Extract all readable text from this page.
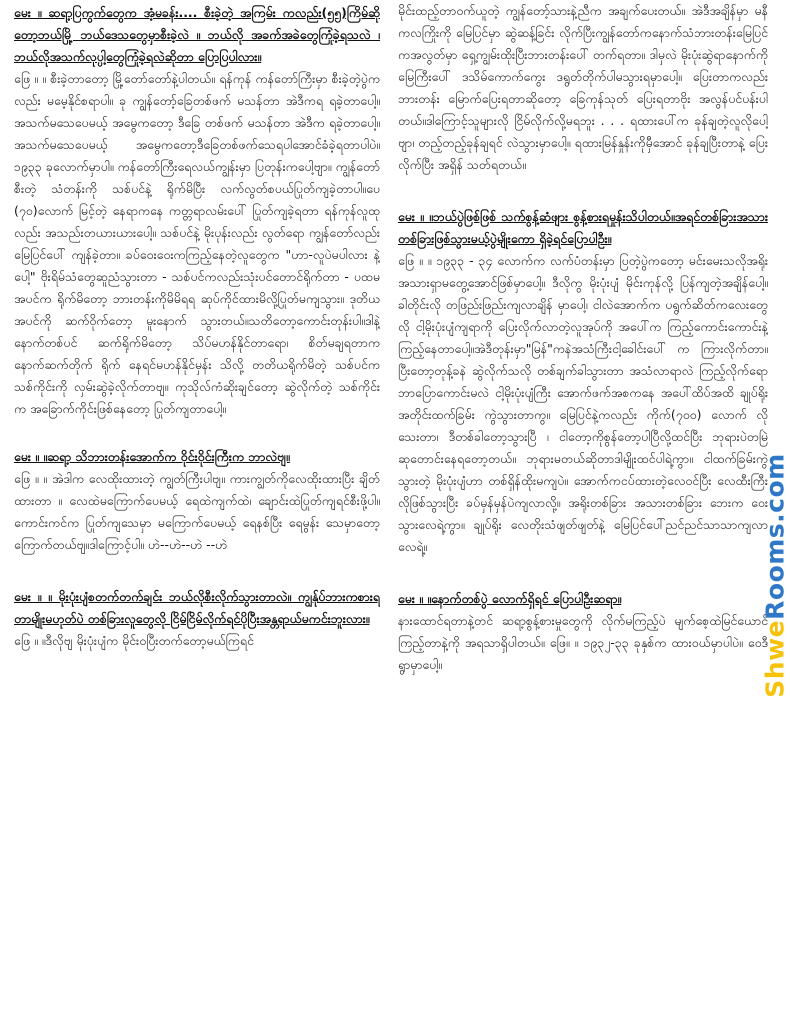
မေး ။ ဆရာ့ပြကွက်တွေက အံ့မခန်း.... စီးခဲ့တဲ့ အကြမ်း ကလည်း(၅၅)ကြိမ်ဆိုတော့ဘယ်မြို့ ဘယ်ဒေသတွေမှာစီးခဲ့လဲ ။ ဘယ်လို အခက်အခဲတွေကြုံခဲ့ရသလဲ ၊ ဘယ်လိုအသက်လုပ္ပါ့တွေကြုံခဲ့ရလဲဆိုတာ ပြောပြပါလား။

ဖြေ ။ ။ စီးခဲ့တာတော့ မြို့တော်တော်နဲ့ပါတယ်။ ရန်ကုန် ကန်တော်ကြီးမှာ စီးခဲ့တဲ့ပွဲကလည်း မမေ့နိုင်စရာပါ။ ခု ကျွန်တော့်ခြေတစ်ဖက် မသန်တာ အဲဒီကရ ရခဲ့တာပေါ့။ အသက်မသေပေမယ့် အမွေကတော့ ဒီခြေ တစ်ဖက် မသန်တာ အဲဒီက ရခဲ့တာပေါ့။ အသက်မသေပေမယ့် အမွေကတော့ဒီခြေတစ်ဖက်သေရပါအောင်ခံခဲ့ရတာပါပဲ။၁၉၃၃ ခုလောက်မှာပါ။ ကန်တော်ကြီးရေလယ်ကျွန်းမှာ ပြတုန်းကပေါ့ဗျာ။ ကျွန်တော် စီးတဲ့ သံတန်းကို သစ်ပင်နဲ့ ရိုက်မိပြီး လက်လွတ်စပယ်ပြုတ်ကျခဲ့တာပါ။ပေ (၇၀)လောက် မြင့်တဲ့ နေရာကနေ ကတ္တရာလမ်းပေါ် ပြုတ်ကျခဲ့ရတာ ရန်ကုန်လူထုလည်း အသည်းတယားယားပေါ့။ သစ်ပင်နဲ့ မိုးပုန်းလည်း လွတ်ရော ကျွန်တော်လည်း မြေပြင်ပေါ် ကျန်ခဲ့တာ။ ခပ်ဝေးဝေးကကြည့်နေတဲ့လူတွေက "ဟာ-လူပဲမပါလား နဲ့ပေါ့" ဗိုးရိမ်သံတွေဆူညံသွားတာ - သစ်ပင်ကလည်းသုံးပင်တောင်ရိုက်တာ - ပထမအပင်က ရိုက်မိတော့ ဘားတန်းကိုမိမိရရ ဆုပ်ကိုင်ထားမိလို့ပြုတ်မကျသွား။ ဒုတိယ အပင်ကို ဆက်ဝိုက်တော့ မူးနောက် သွားတယ်။သတိတော့ကောင်းတုန်းပါ။ဒါနဲ့နောက်တစ်ပင် ဆက်ရိုက်မိတော့ သိပ်မဟန်နိုင်တာရော၊ စိတ်မချရတာက နောက်ဆက်တိုက် ရိုက် နေရင်မဟန်နိုင်မှန်း သိလို့ တတိယရိုက်မိတဲ့ သစ်ပင်က သစ်ကိုင်းကို လှမ်းဆွဲခဲ့လိုက်တာဗျ။ ကုသိုလ်ကံဆိုးချင်တော့ ဆွဲလိုက်တဲ့ သစ်ကိုင်းက အခြောက်ကိုင်းဖြစ်နေတော့ ပြုတ်ကျတာပေါ့။

မေး ။ ။ဆရာ့ သိဘားတန်းအောက်က ဝိုင်းဝိုင်းကြီးက ဘာလဲဗျ။

ဖြေ ။ ။ အဲဒါက လေထိုးထားတဲ့ ကျွတ်ကြီးပါဗျ။ ကားကျွတ်ကိုလေထိုးထားပြီး ချိတ်ထားတာ ။ လေထဲမကြောက်ပေမယ့် ရေထဲကျက်ထဲ၊ ချောင်းထဲပြုတ်ကျရင်စီးဖို့ပါ။ ကောင်းကင်က ပြုတ်ကျသေမှာ မကြောက်ပေမယ့် ရေနစ်ပြီး ရေမွန်း သေမှာတော့ ကြောက်တယ်ဗျ။ဒါကြောင့်ပါ။ ဟဲ--ဟဲ--ဟဲ --ဟဲ

မေး ။ ။ မိုးပုံးပျံစတက်တက်ချင်း ဘယ်လိုစီးလိုက်သွားတာလဲ။ ကျွန်ုပ်ဘားကစားရတာမျိုးမဟုတ်ပဲ တစ်ခြားလူတွေလို ငြိမ်ငြိမ်လိုက်ရင်ပိုပြီးအန္တရာယ်မကင်းဘူးလား။

ဖြေ ။ ။ဒီလိုဗျ မိုးပုံးပျံက မိုင်းဝပြီးတက်တော့မယ်ကြရင်

မိုင်းထည့်တာ၀က်ယူတဲ့ ကျွန်တော့်သားနဲ့ညီက အချက်ပေးတယ်။ အဲဒီအချိန်မှာ မနီကလကြိုးကို မြေပြင်မှာ ဆွဲဆန့်ခြင်း လိုက်ပြီးကျွန်တော်ကနောက်သံဘားတန်းမြေပြင်ကအလွတ်မှာ ရှေ့ကျွမ်းထိုးပြီးဘားတန်းပေါ် တက်ရတာ။ ဒါမှလဲ မိုးပုံးဆွဲရာနောက်ကိုမြေကြီးပေါ် ဒသိမ်ကောက်ကွေး ဒရွတ်တိုက်ပါမသွားရမှာပေါ့။ ပြေးတာကလည်း ဘားတန်း မြောက်ပြေးရတာဆိုတော့ ခြေကုန်သုတ် ပြေးရတာဗိုး အလွန်ပင်ပန်းပါတယ်။ဒါကြောင့်သူများလို ငြိမ်လိုက်လို့မရဘူး . . . ရထားပေါ်က ခုန်ချတဲ့လူလိုပေါ့ဗျာ၊ တည့်တည့်ခုန်ချရင် လဲသွားမှာပေါ့။ ရထားမြန်နှုန်းကိုမှီအောင် ခုန်ချပြီးတာနဲ့ ပြေးလိုက်ပြီး အရှိန် သတ်ရတယ်။

မေး ။ ။ဘယ်ပွဲဖြစ်ဖြစ် သက်စွန့်ဆံဖျား စွန့်စားရမှုန်းသိပါတယ်။အရင်တစ်ခြားအသားတစ်ခြားဖြစ်သွားမယ့်ပွဲမျိုးကော ရှိခဲ့ရင်ပြောပါဦး။

ဖြေ ။ ။ ၁၉၃၃ - ၃၄ လောက်က လက်ပံတန်းမှာ ပြတဲ့ပွဲကတော့ မင်းမေးသလိုအရိုးအသားရှာမတွေ့အောင်ဖြစ်မှာပေါ့။ ဒီလိုကွ မိုးပုံးပျံ မိုင်းကုန်လို့ ပြန်ကျတဲ့အချိန်ပေါ့။ ခါတိုင်းလို တဖြည်းဖြည်းကျလာချိန် မှာပေါ့၊ ငါလဲအောက်က ပရွက်ဆိတ်ကလေးတွေလို ငါ့မိုးပုံးပျံကျရာကို ပြေးလိုက်လာတဲ့လူအုပ်ကို အပေါ်က ကြည့်ကောင်းကောင်းနဲ့ ကြည့်နေတာပေါ့။အဲဒီတုန်းမှာ"မြန်"ကနဲအသံကြီးငါ့ခေါင်းပေါ် က ကြားလိုက်တာ။ ပြီးတော့တုန့်ခနဲ ဆွဲလိုက်သလို တစ်ချက်ခါသွားတာ အသံလာရာလဲ ကြည့်လိုက်ရော ဘာပြောကောင်းမလဲ ငါ့မိုးပုံးပျံကြီး အောက်ဖက်အစကနေ အပေါ်ထိပ်အထိ ချုပ်ရိုးအတိုင်းထက်ခြမ်း ကွဲသွားတာကွ။ မြေပြင်နဲ့ကလည်း ကိုက်(၇၀၀) လောက် လိုသေးတာ၊ ဒီတစ်ခါတော့သွားပြီ ၊ ငါတော့ကိုစွန်တော့ပါပြီလို့ထင်ပြီး ဘုရားပဲတမြဲ ဆုတောင်းနေရတော့တယ်။ ဘုရားမတယ်ဆိုတာဒါမျိုးထင်ပါရဲ့ကွာ။ ငါထက်ခြမ်းကွဲသွားတဲ့ မိုးပုံးပျံဟာ တစ်ရှိန်ထိုးမကျပဲ။ အောက်ကငပ်ထားတဲ့လေဝင်ပြီး လေထီးကြီးလိုဖြစ်သွားပြီး ခပ်မှန်မှန်ပဲကျလာလို့။ အရိုးတစ်ခြား အသားတစ်ခြား ဘေးက ဝေးသွားလေရဲ့ကွာ။ ချုပ်ရိုး လေတိုးသံဖျတ်ဖျတ်နဲ့ မြေပြင်ပေါ်ညင်ညင်သာသာကျလာလေရဲ့။

မေး ။ ။နောက်တစ်ပွဲ လောက်ရှိရင် ပြောပါဦးဆရာ။

နားထောင်ရတာနဲ့တင် ဆရာ့စွန့်စားမှုတွေကို လိုက်မကြည့်ပဲ မျက်စေ့ထဲမြင်ယောင် ကြည့်တာနဲ့ကို အရသာရှိပါတယ်။ ဖြေ။ ။ ၁၉၃၂-၃၃ ခုနှစ်က ထားဝယ်မှာပါပဲ။ ဝေဒီရွာမှာပေါ့။	ShweRooms.com
